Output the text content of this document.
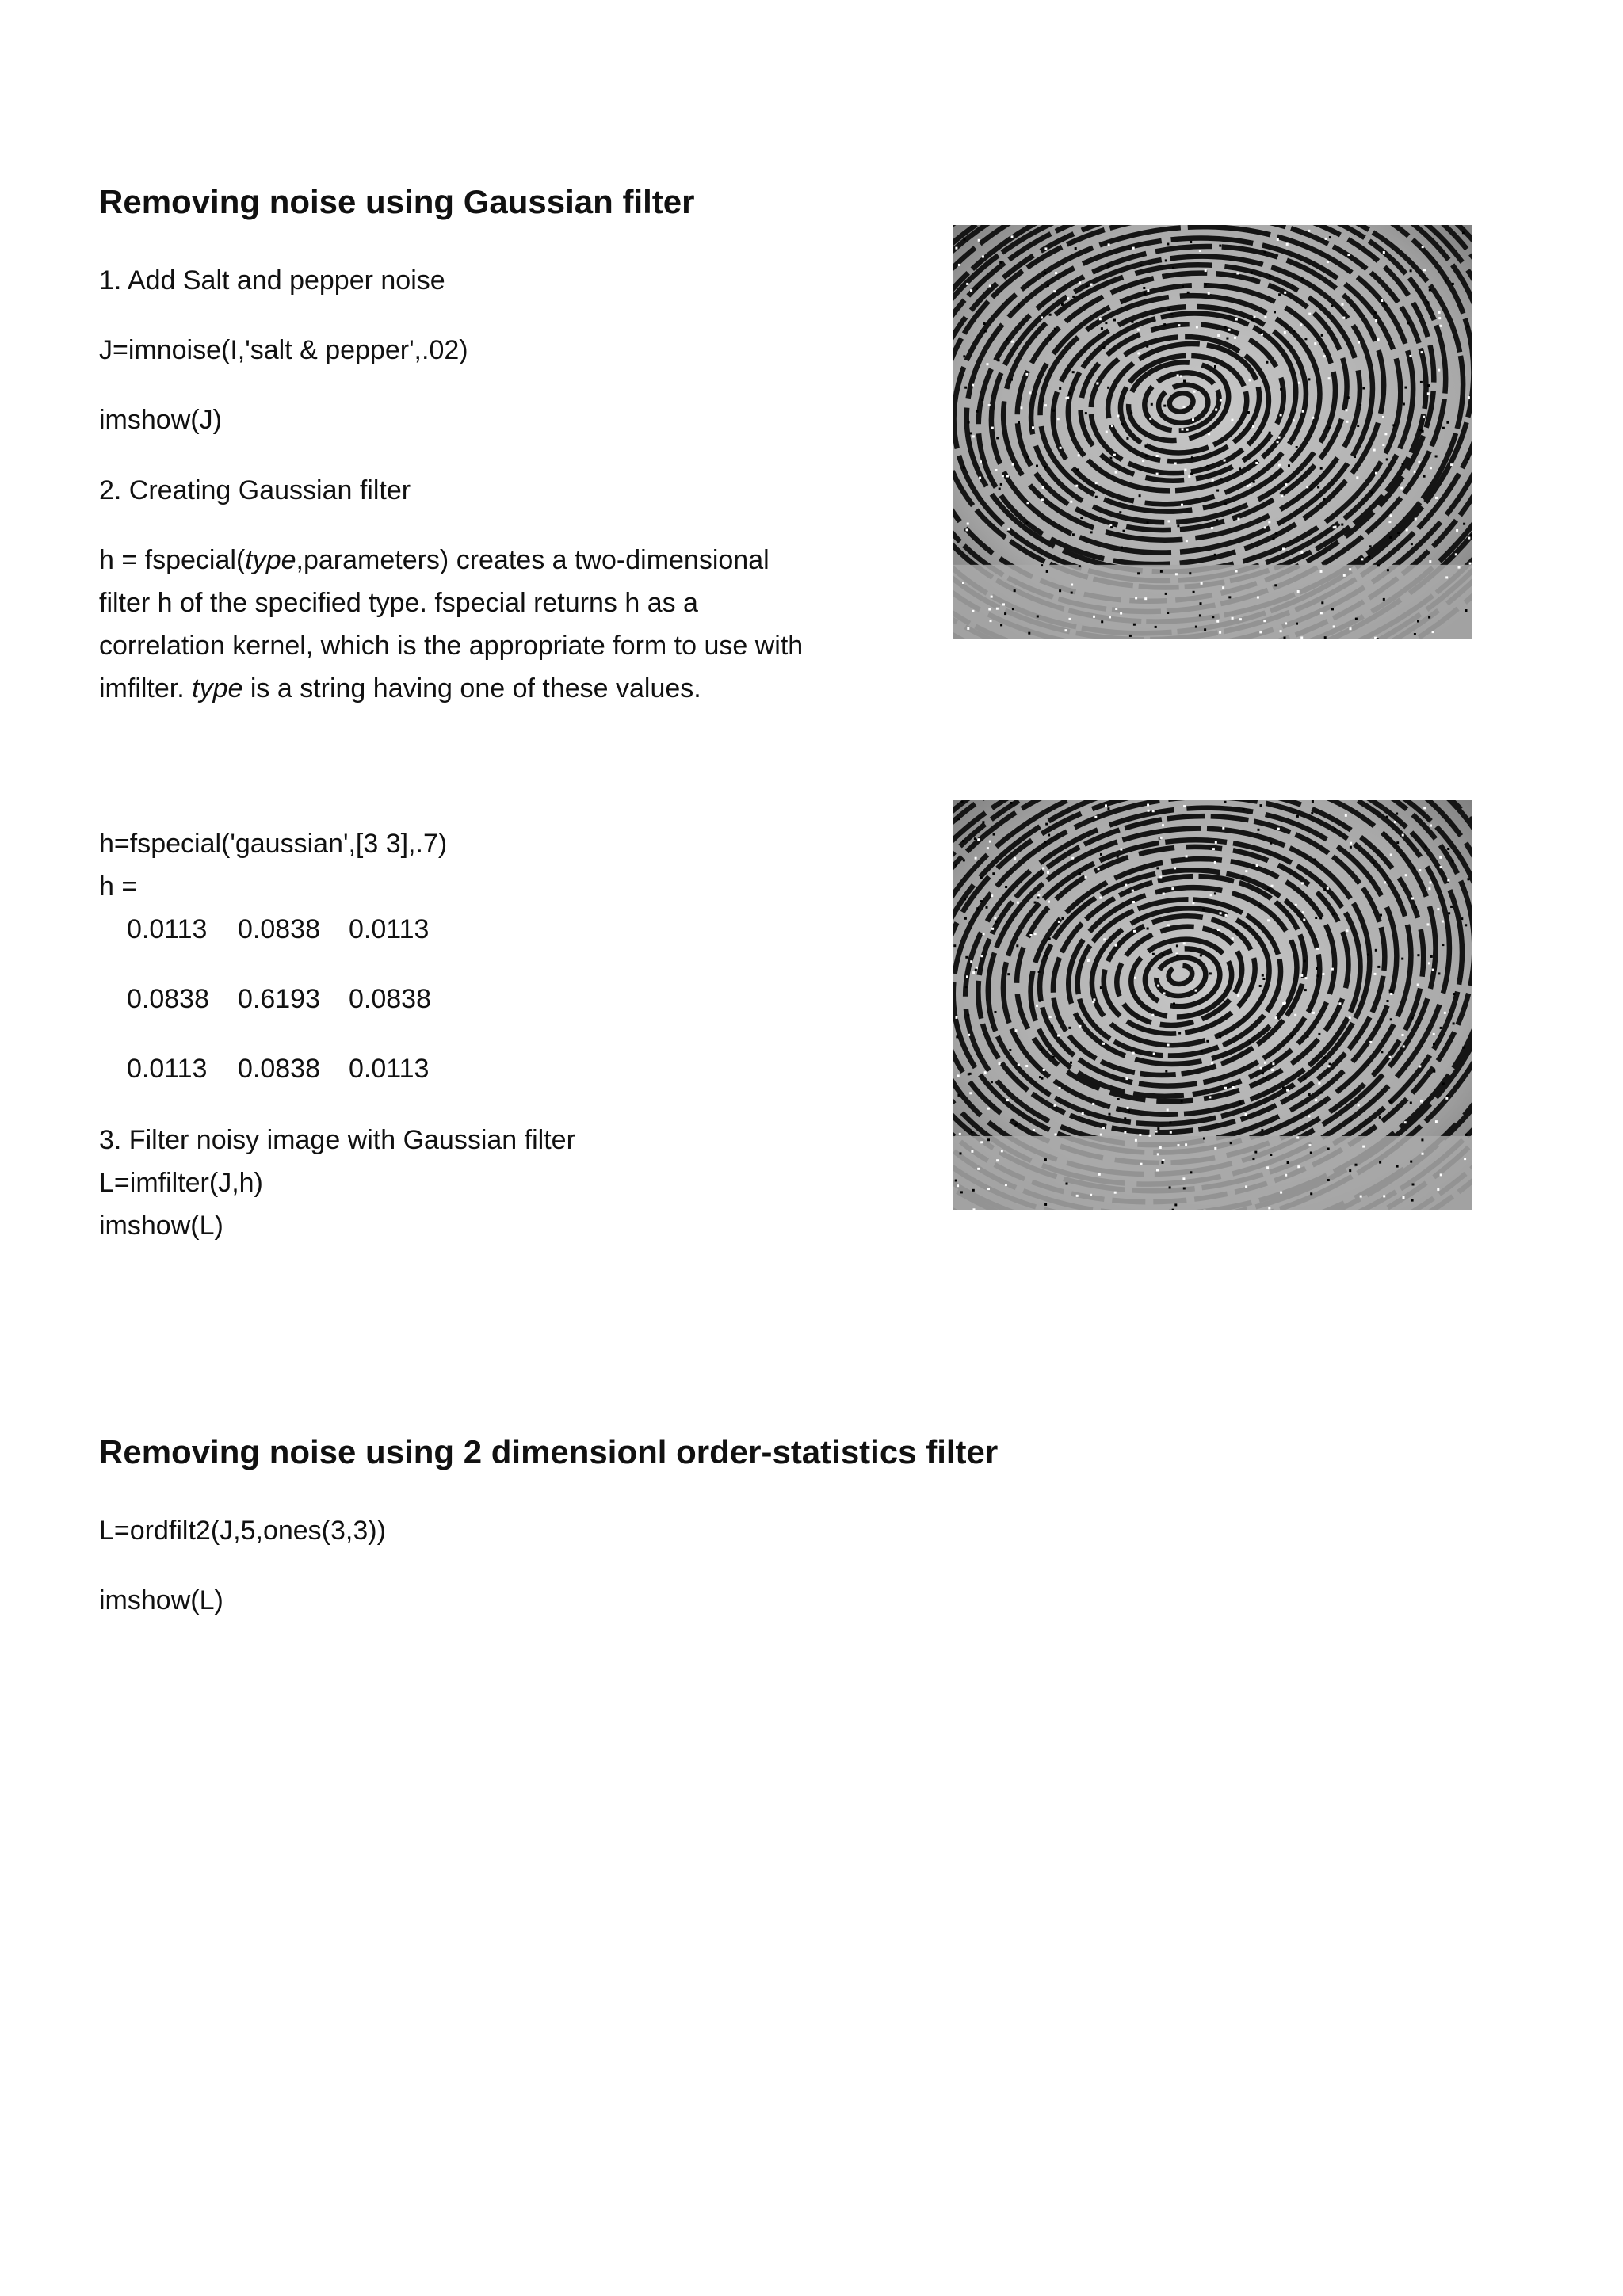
Removing noise using Gaussian filter

1. Add Salt and pepper noise

J=imnoise(I,'salt & pepper',.02)

imshow(J)

2. Creating Gaussian filter

h = fspecial(type,parameters) creates a two-dimensional filter h of the specified type. fspecial returns h as a correlation kernel, which is the appropriate form to use with imfilter. type is a string having one of these values.

h=fspecial('gaussian',[3 3],.7)

h =

0.0113	0.0838	0.0113
0.0838	0.6193	0.0838
0.0113	0.0838	0.0113

3. Filter noisy image with Gaussian filter

L=imfilter(J,h)

imshow(L)

Removing noise using 2 dimensionl order-statistics filter

L=ordfilt2(J,5,ones(3,3))

imshow(L)
